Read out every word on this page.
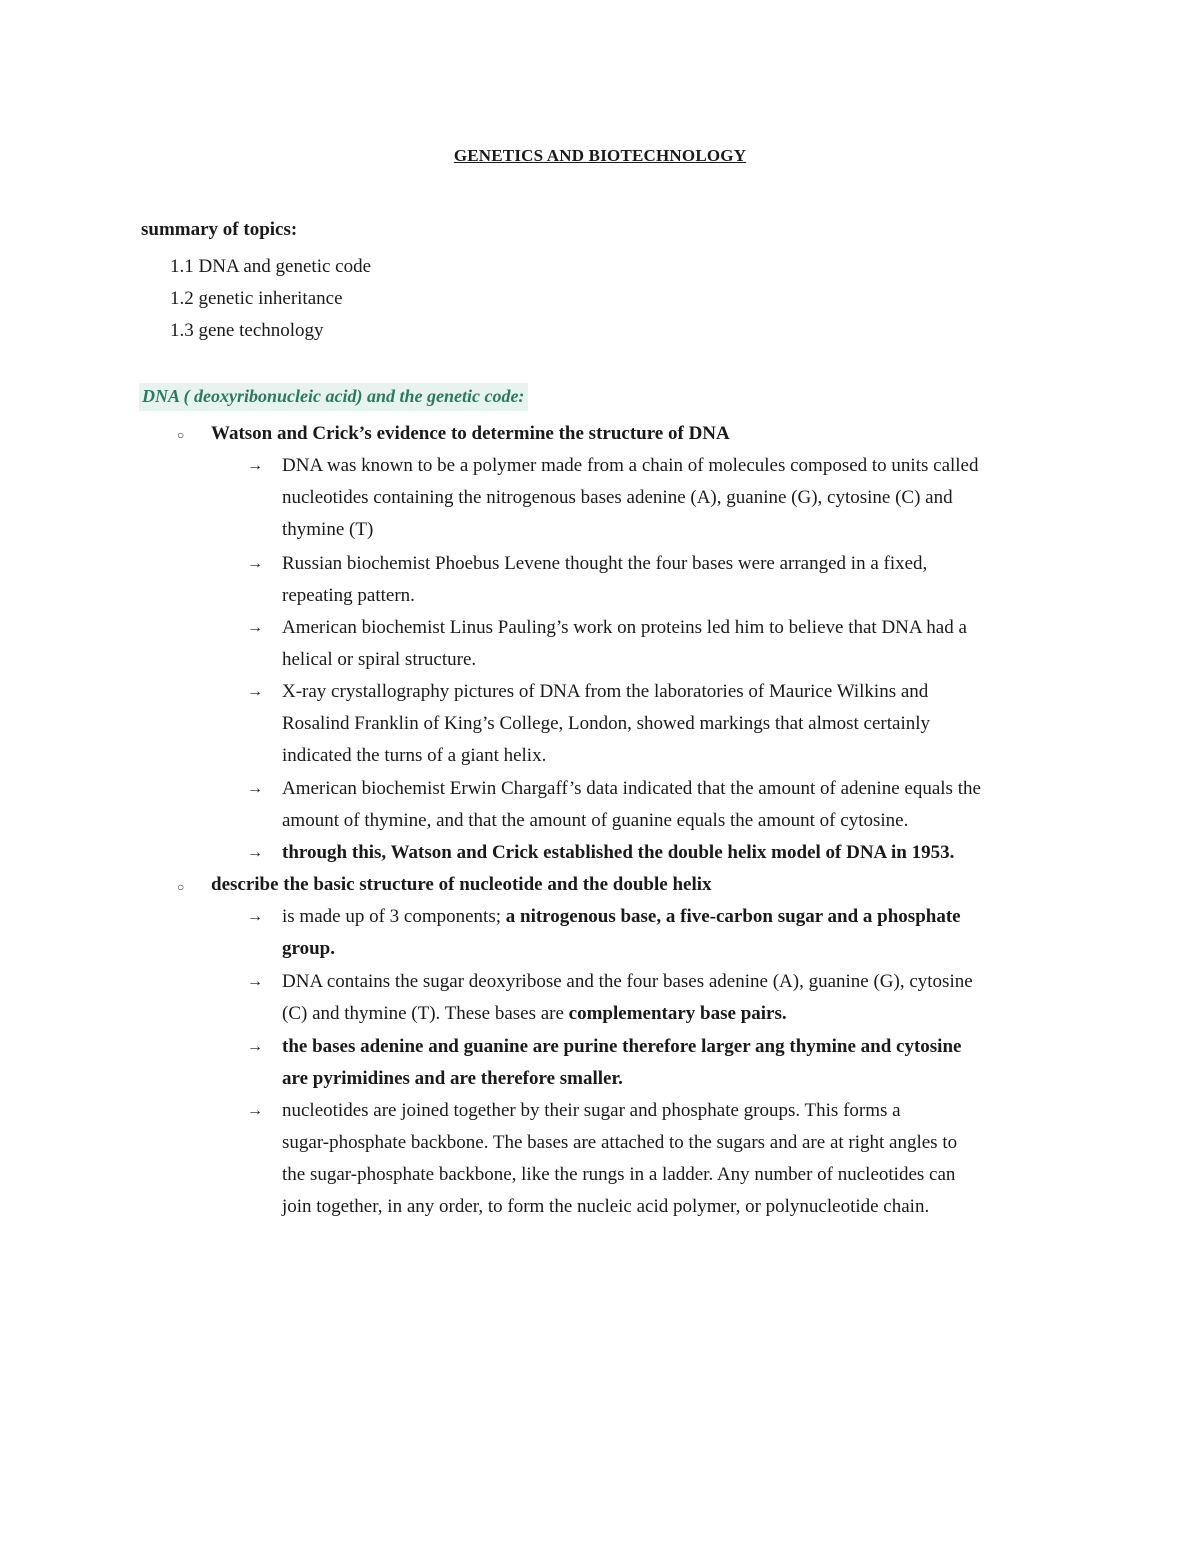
GENETICS AND BIOTECHNOLOGY
summary of topics:
1.1 DNA and genetic code
1.2 genetic inheritance
1.3 gene technology
DNA ( deoxyribonucleic acid) and the genetic code:
○ Watson and Crick’s evidence to determine the structure of DNA
→ DNA was known to be a polymer made from a chain of molecules composed to units called
nucleotides containing the nitrogenous bases adenine (A), guanine (G), cytosine (C) and
thymine (T)
→ Russian biochemist Phoebus Levene thought the four bases were arranged in a fixed,
repeating pattern.
→ American biochemist Linus Pauling’s work on proteins led him to believe that DNA had a
helical or spiral structure.
→ X-ray crystallography pictures of DNA from the laboratories of Maurice Wilkins and
Rosalind Franklin of King’s College, London, showed markings that almost certainly
indicated the turns of a giant helix.
→ American biochemist Erwin Chargaff’s data indicated that the amount of adenine equals the
amount of thymine, and that the amount of guanine equals the amount of cytosine.
→ through this, Watson and Crick established the double helix model of DNA in 1953.
○ describe the basic structure of nucleotide and the double helix
→ is made up of 3 components; a nitrogenous base, a five-carbon sugar and a phosphate
group.
→ DNA contains the sugar deoxyribose and the four bases adenine (A), guanine (G), cytosine
(C) and thymine (T). These bases are complementary base pairs.
→ the bases adenine and guanine are purine therefore larger ang thymine and cytosine
are pyrimidines and are therefore smaller.
→ nucleotides are joined together by their sugar and phosphate groups. This forms a
sugar-phosphate backbone. The bases are attached to the sugars and are at right angles to
the sugar-phosphate backbone, like the rungs in a ladder. Any number of nucleotides can
join together, in any order, to form the nucleic acid polymer, or polynucleotide chain.
